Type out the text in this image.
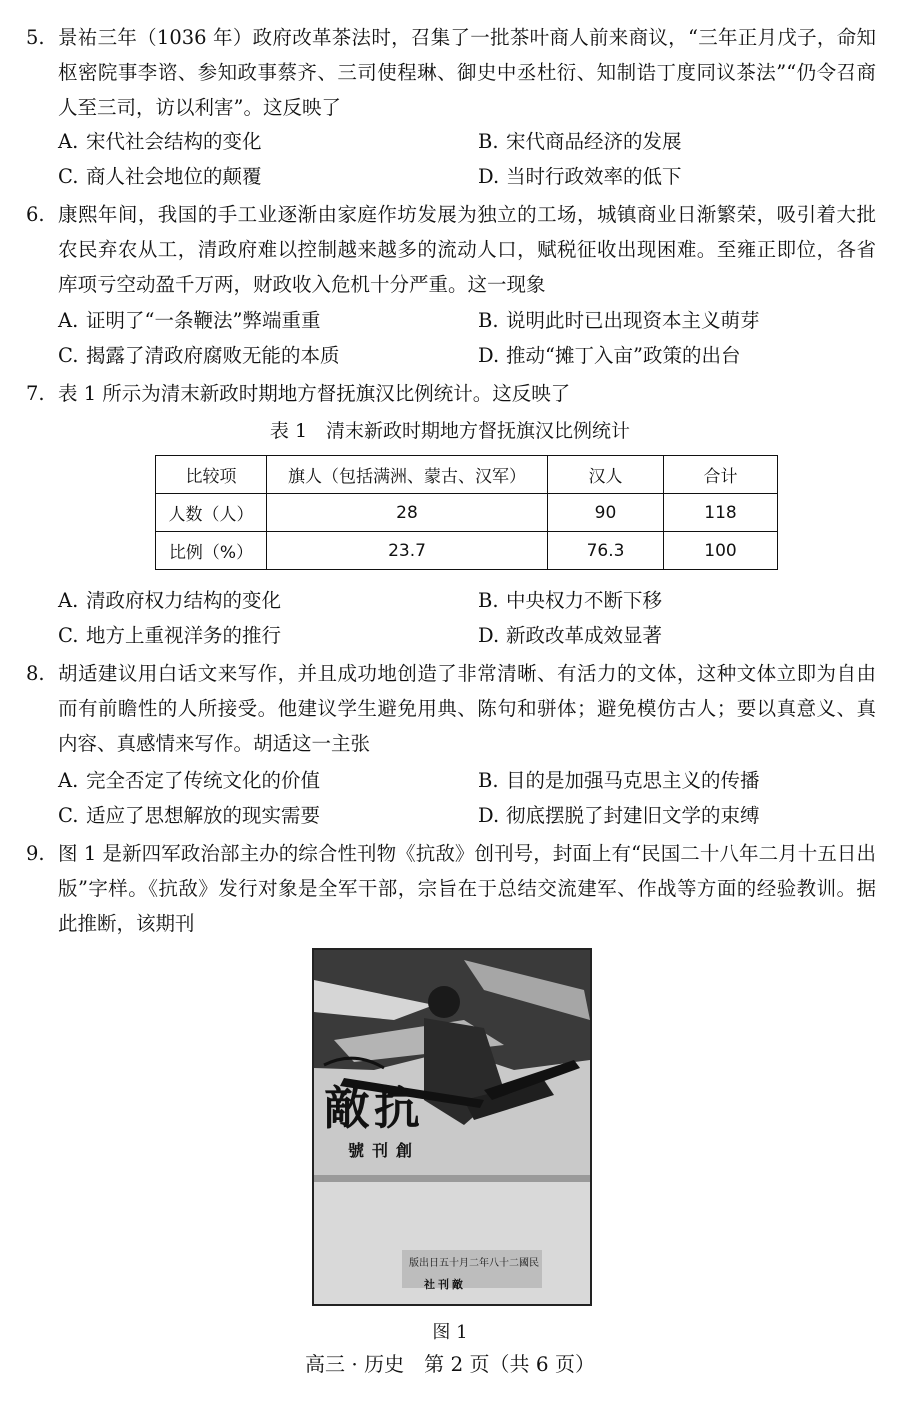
5. 景祐三年（1036 年）政府改革茶法时，召集了一批茶叶商人前来商议，“三年正月戊子，命知枢密院事李谘、参知政事蔡齐、三司使程琳、御史中丞杜衍、知制诰丁度同议茶法”“仍令召商人至三司，访以利害”。这反映了
A. 宋代社会结构的变化	B. 宋代商品经济的发展
C. 商人社会地位的颠覆	D. 当时行政效率的低下
6. 康熙年间，我国的手工业逐渐由家庭作坊发展为独立的工场，城镇商业日渐繁荣，吸引着大批农民弃农从工，清政府难以控制越来越多的流动人口，赋税征收出现困难。至雍正即位，各省库项亏空动盈千万两，财政收入危机十分严重。这一现象
A. 证明了“一条鞭法”弊端重重	B. 说明此时已出现资本主义萌芽
C. 揭露了清政府腐败无能的本质	D. 推动“摊丁入亩”政策的出台
7. 表 1 所示为清末新政时期地方督抚旗汉比例统计。这反映了
表 1　清末新政时期地方督抚旗汉比例统计
比较项	旗人（包括满洲、蒙古、汉军）	汉人	合计
人数（人）	28	90	118
比例（%）	23.7	76.3	100
A. 清政府权力结构的变化	B. 中央权力不断下移
C. 地方上重视洋务的推行	D. 新政改革成效显著
8. 胡适建议用白话文来写作，并且成功地创造了非常清晰、有活力的文体，这种文体立即为自由而有前瞻性的人所接受。他建议学生避免用典、陈句和骈体；避免模仿古人；要以真意义、真内容、真感情来写作。胡适这一主张
A. 完全否定了传统文化的价值	B. 目的是加强马克思主义的传播
C. 适应了思想解放的现实需要	D. 彻底摆脱了封建旧文学的束缚
9. 图 1 是新四军政治部主办的综合性刊物《抗敌》创刊号，封面上有“民国二十八年二月十五日出版”字样。《抗敌》发行对象是全军干部，宗旨在于总结交流建军、作战等方面的经验教训。据此推断，该期刊
敵抗
號刊創
版出日五十月二年八十二國民
社刊敵
图 1
高三 · 历史　第 2 页（共 6 页）
